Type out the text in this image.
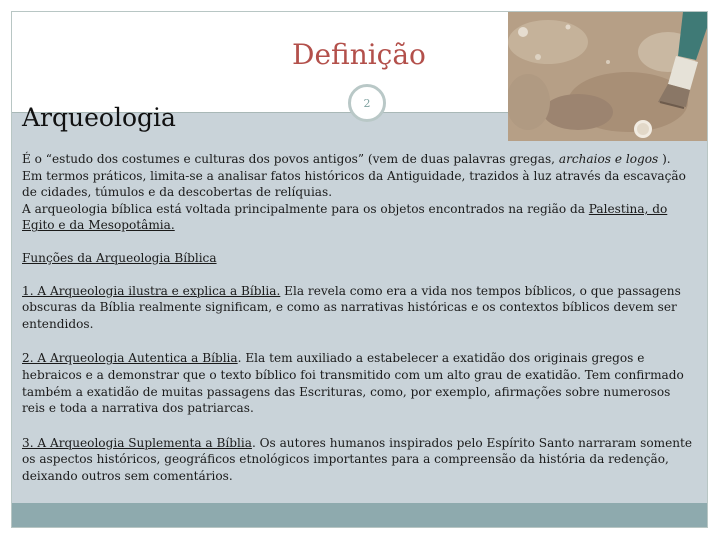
Definição
Arqueologia	2

É o “estudo dos costumes e culturas dos povos antigos” (vem de duas palavras gregas, archaios e logos ).

Em termos práticos, limita-se a analisar fatos históricos da Antiguidade, trazidos à luz através da escavação de cidades, túmulos e da descobertas de relíquias.

A arqueologia bíblica está voltada principalmente para os objetos encontrados na região da Palestina, do Egito e da Mesopotâmia.

Funções da Arqueologia Bíblica

1. A Arqueologia ilustra e explica a Bíblia. Ela revela como era a vida nos tempos bíblicos, o que passagens obscuras da Bíblia realmente significam, e como as narrativas históricas e os contextos bíblicos devem ser entendidos.

2. A Arqueologia Autentica a Bíblia. Ela tem auxiliado a estabelecer a exatidão dos originais gregos e hebraicos e a demonstrar que o texto bíblico foi transmitido com um alto grau de exatidão. Tem confirmado também a exatidão de muitas passagens das Escrituras, como, por exemplo, afirmações sobre numerosos reis e toda a narrativa dos patriarcas.

3. A Arqueologia Suplementa a Bíblia. Os autores humanos inspirados pelo Espírito Santo narraram somente os aspectos históricos, geográficos etnológicos importantes para a compreensão da história da redenção, deixando outros sem comentários.
